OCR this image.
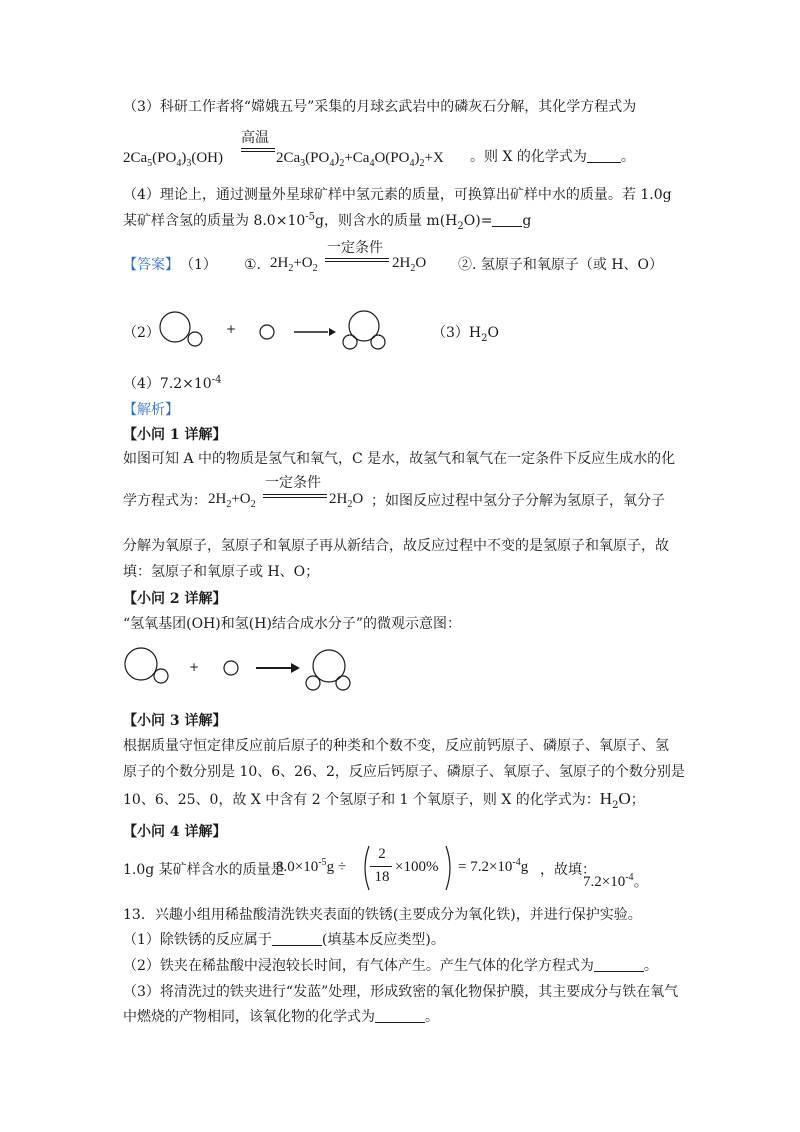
（3）科研工作者将“嫦娥五号”采集的月球玄武岩中的磷灰石分解，其化学方程式为
高温
$2Ca_5(PO_4)_3(OH)$	$2Ca_3(PO_4)_2+Ca_4O(PO_4)_2+X$ 。则 X 的化学式为 。
（4）理论上，通过测量外星球矿样中氢元素的质量，可换算出矿样中水的质量。若 1.0g
某矿样含氢的质量为 $8.0\times 10^{-5}g$，则含水的质量 $m(H_2O)= g$
【答案】 （1） ①. $2H_2+O_2$
一定条件
$2H_2O$ ②. 氢原子和氧原子（或 H、O）
（2）	+	$(3)H_2O$
$(4)7.2\times 10^{-4}$
【解析】
【小问 1 详解】
如图可知 A 中的物质是氢气和氧气，C 是水，故氢气和氧气在一定条件下反应生成水的化
学方程式为： $2H_2+O_2$
一定条件
$2H_2O$ ；如图反应过程中氢分子分解为氢原子，氧分子
分解为氧原子，氢原子和氧原子再从新结合，故反应过程中不变的是氢原子和氧原子，故
填：氢原子和氧原子或 H、O；
【小问 2 详解】
“氢氧基团(OH)和氢(H)结合成水分子”的微观示意图：
+
【小问 3 详解】
根据质量守恒定律反应前后原子的种类和个数不变，反应前钙原子、磷原子、氧原子、氢
原子的个数分别是 10、6、26、2，反应后钙原子、磷原子、氧原子、氢原子的个数分别是
10、6、25、0，故 X 中含有 2 个氢原子和 1 个氧原子，则 X 的化学式为：$H_2O$；
【小问 4 详解】
1.0g 某矿样含水的质量是
$8.0\times 10^{-5}g$ ÷
2
18
$\times 100\% = 7.2\times 10^{-4}g$ ，故填：
$7.2\times 10^{-4}$。
13．兴趣小组用稀盐酸清洗铁夹表面的铁锈(主要成分为氧化铁)，并进行保护实验。
（1）除铁锈的反应属于	(填基本反应类型)。
（2）铁夹在稀盐酸中浸泡较长时间，有气体产生。产生气体的化学方程式为	。
（3）将清洗过的铁夹进行“发蓝”处理，形成致密的氧化物保护膜，其主要成分与铁在氧气
中燃烧的产物相同，该氧化物的化学式为	。
